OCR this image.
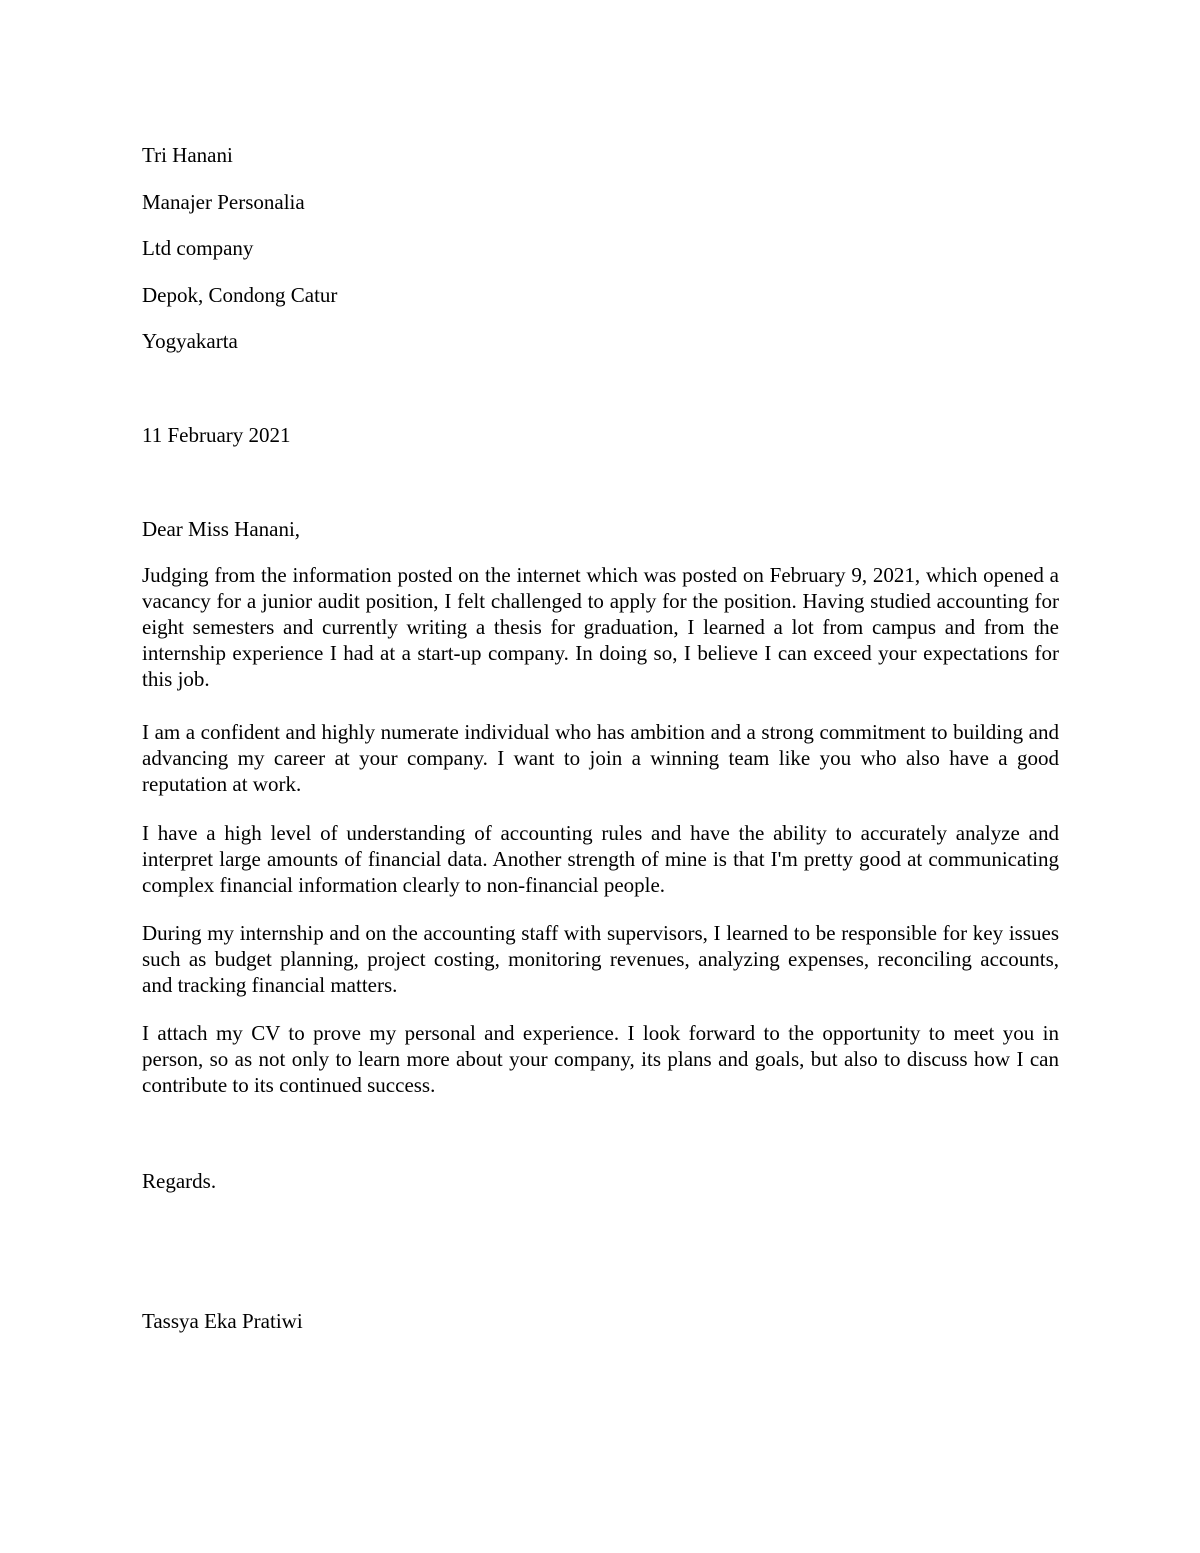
Tri Hanani
Manajer Personalia
Ltd company
Depok, Condong Catur
Yogyakarta
11 February 2021
Dear Miss Hanani,
Judging from the information posted on the internet which was posted on February 9, 2021, which opened a vacancy for a junior audit position, I felt challenged to apply for the position. Having studied accounting for eight semesters and currently writing a thesis for graduation, I learned a lot from campus and from the internship experience I had at a start-up company. In doing so, I believe I can exceed your expectations for this job.
I am a confident and highly numerate individual who has ambition and a strong commitment to building and advancing my career at your company. I want to join a winning team like you who also have a good reputation at work.
I have a high level of understanding of accounting rules and have the ability to accurately analyze and interpret large amounts of financial data. Another strength of mine is that I'm pretty good at communicating complex financial information clearly to non-financial people.
During my internship and on the accounting staff with supervisors, I learned to be responsible for key issues such as budget planning, project costing, monitoring revenues, analyzing expenses, reconciling accounts, and tracking financial matters.
I attach my CV to prove my personal and experience. I look forward to the opportunity to meet you in person, so as not only to learn more about your company, its plans and goals, but also to discuss how I can contribute to its continued success.
Regards.
Tassya Eka Pratiwi
